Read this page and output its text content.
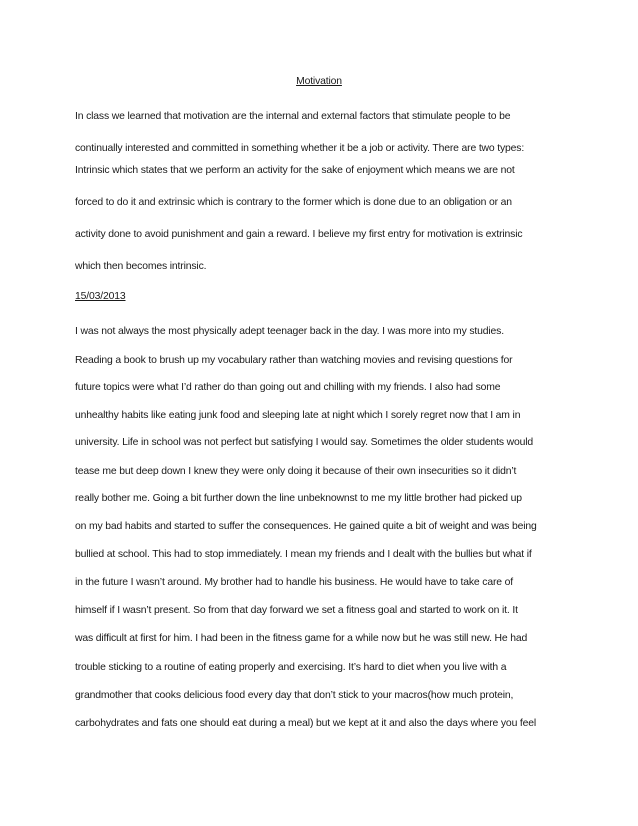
Motivation
In class we learned that motivation are the internal and external factors that stimulate people to be
continually interested and committed in something whether it be a job or activity. There are two types:
Intrinsic which states that we perform an activity for the sake of enjoyment which means we are not
forced to do it and extrinsic which is contrary to the former which is done due to an obligation or an
activity done to avoid punishment and gain a reward. I believe my first entry for motivation is extrinsic
which then becomes intrinsic.
15/03/2013
I was not always the most physically adept teenager back in the day. I was more into my studies.
Reading a book to brush up my vocabulary rather than watching movies and revising questions for
future topics were what I’d rather do than going out and chilling with my friends. I also had some
unhealthy habits like eating junk food and sleeping late at night which I sorely regret now that I am in
university. Life in school was not perfect but satisfying I would say. Sometimes the older students would
tease me but deep down I knew they were only doing it because of their own insecurities so it didn’t
really bother me. Going a bit further down the line unbeknownst to me my little brother had picked up
on my bad habits and started to suffer the consequences. He gained quite a bit of weight and was being
bullied at school. This had to stop immediately. I mean my friends and I dealt with the bullies but what if
in the future I wasn’t around. My brother had to handle his business. He would have to take care of
himself if I wasn’t present. So from that day forward we set a fitness goal and started to work on it. It
was difficult at first for him. I had been in the fitness game for a while now but he was still new. He had
trouble sticking to a routine of eating properly and exercising. It’s hard to diet when you live with a
grandmother that cooks delicious food every day that don’t stick to your macros(how much protein,
carbohydrates and fats one should eat during a meal) but we kept at it and also the days where you feel
